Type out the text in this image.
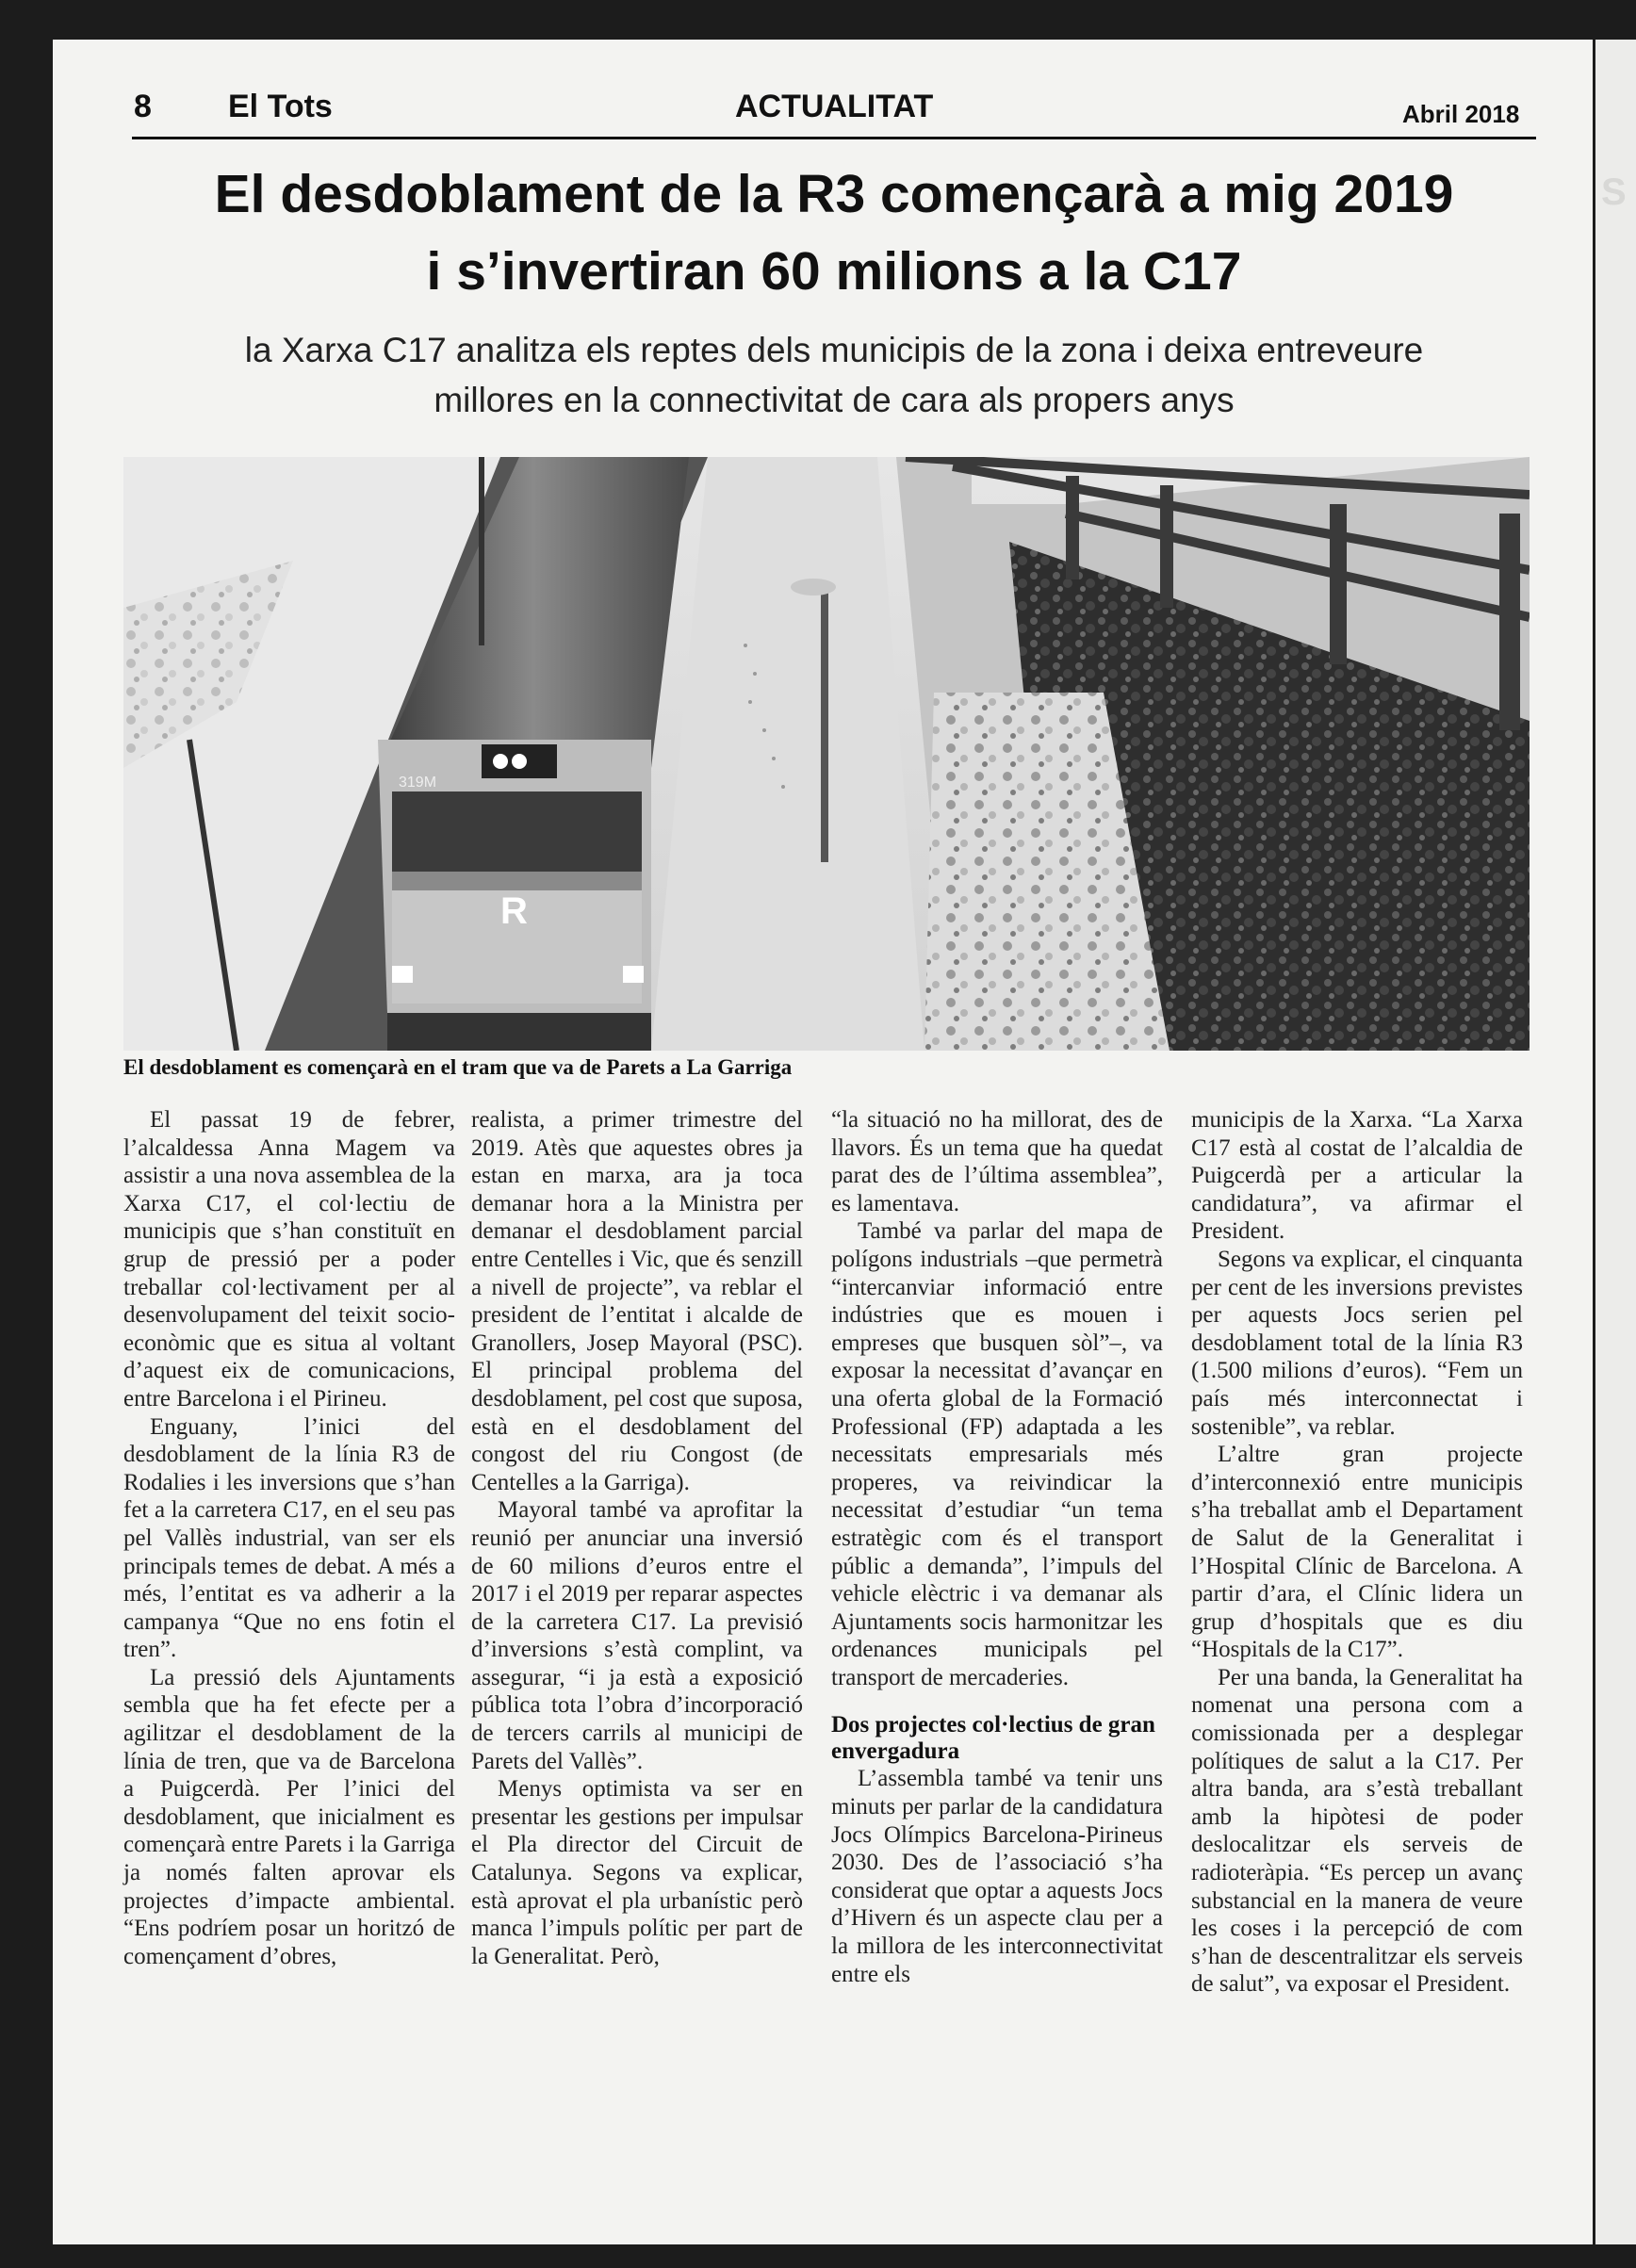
S
8 El Tots	ACTUALITAT	Abril 2018
El desdoblament de la R3 començarà a mig 2019
i s’invertiran 60 milions a la C17
la Xarxa C17 analitza els reptes dels municipis de la zona i deixa entreveure
millores en la connectivitat de cara als propers anys
R
319M
El desdoblament es començarà en el tram que va de Parets a La Garriga

El passat 19 de febrer, l’alcaldessa Anna Magem va assistir a una nova assemblea de la Xarxa C17, el col·lectiu de municipis que s’han constituït en grup de pressió per a poder treballar col·lectivament per al desenvolupament del teixit socio-econòmic que es situa al voltant d’aquest eix de comunicacions, entre Barcelona i el Pirineu.

Enguany, l’inici del desdoblament de la línia R3 de Rodalies i les inversions que s’han fet a la carretera C17, en el seu pas pel Vallès industrial, van ser els principals temes de debat. A més a més, l’entitat es va adherir a la campanya “Que no ens fotin el tren”.

La pressió dels Ajuntaments sembla que ha fet efecte per a agilitzar el desdoblament de la línia de tren, que va de Barcelona a Puigcerdà. Per l’inici del desdoblament, que inicialment es començarà entre Parets i la Garriga ja només falten aprovar els projectes d’impacte ambiental. “Ens podríem posar un horitzó de començament d’obres,

realista, a primer trimestre del 2019. Atès que aquestes obres ja estan en marxa, ara ja toca demanar hora a la Ministra per demanar el desdoblament parcial entre Centelles i Vic, que és senzill a nivell de projecte”, va reblar el president de l’entitat i alcalde de Granollers, Josep Mayoral (PSC). El principal problema del desdoblament, pel cost que suposa, està en el desdoblament del congost del riu Congost (de Centelles a la Garriga).

Mayoral també va aprofitar la reunió per anunciar una inversió de 60 milions d’euros entre el 2017 i el 2019 per reparar aspectes de la carretera C17. La previsió d’inversions s’està complint, va assegurar, “i ja està a exposició pública tota l’obra d’incorporació de tercers carrils al municipi de Parets del Vallès”.

Menys optimista va ser en presentar les gestions per impulsar el Pla director del Circuit de Catalunya. Segons va explicar, està aprovat el pla urbanístic però manca l’impuls polític per part de la Generalitat. Però,

“la situació no ha millorat, des de llavors. És un tema que ha quedat parat des de l’última assemblea”, es lamentava.

També va parlar del mapa de polígons industrials –que permetrà “intercanviar informació entre indústries que es mouen i empreses que busquen sòl”–, va exposar la necessitat d’avançar en una oferta global de la Formació Professional (FP) adaptada a les necessitats empresarials més properes, va reivindicar la necessitat d’estudiar “un tema estratègic com és el transport públic a demanda”, l’impuls del vehicle elèctric i va demanar als Ajuntaments socis harmonitzar les ordenances municipals pel transport de mercaderies.

Dos projectes col·lectius de gran envergadura

L’assembla també va tenir uns minuts per parlar de la candidatura Jocs Olímpics Barcelona-Pirineus 2030. Des de l’associació s’ha considerat que optar a aquests Jocs d’Hivern és un aspecte clau per a la millora de les interconnectivitat entre els

municipis de la Xarxa. “La Xarxa C17 està al costat de l’alcaldia de Puigcerdà per a articular la candidatura”, va afirmar el President.

Segons va explicar, el cinquanta per cent de les inversions previstes per aquests Jocs serien pel desdoblament total de la línia R3 (1.500 milions d’euros). “Fem un país més interconnectat i sostenible”, va reblar.

L’altre gran projecte d’interconnexió entre municipis s’ha treballat amb el Departament de Salut de la Generalitat i l’Hospital Clínic de Barcelona. A partir d’ara, el Clínic lidera un grup d’hospitals que es diu “Hospitals de la C17”.

Per una banda, la Generalitat ha nomenat una persona com a comissionada per a desplegar polítiques de salut a la C17. Per altra banda, ara s’està treballant amb la hipòtesi de poder deslocalitzar els serveis de radioteràpia. “Es percep un avanç substancial en la manera de veure les coses i la percepció de com s’han de descentralitzar els serveis de salut”, va exposar el President.
